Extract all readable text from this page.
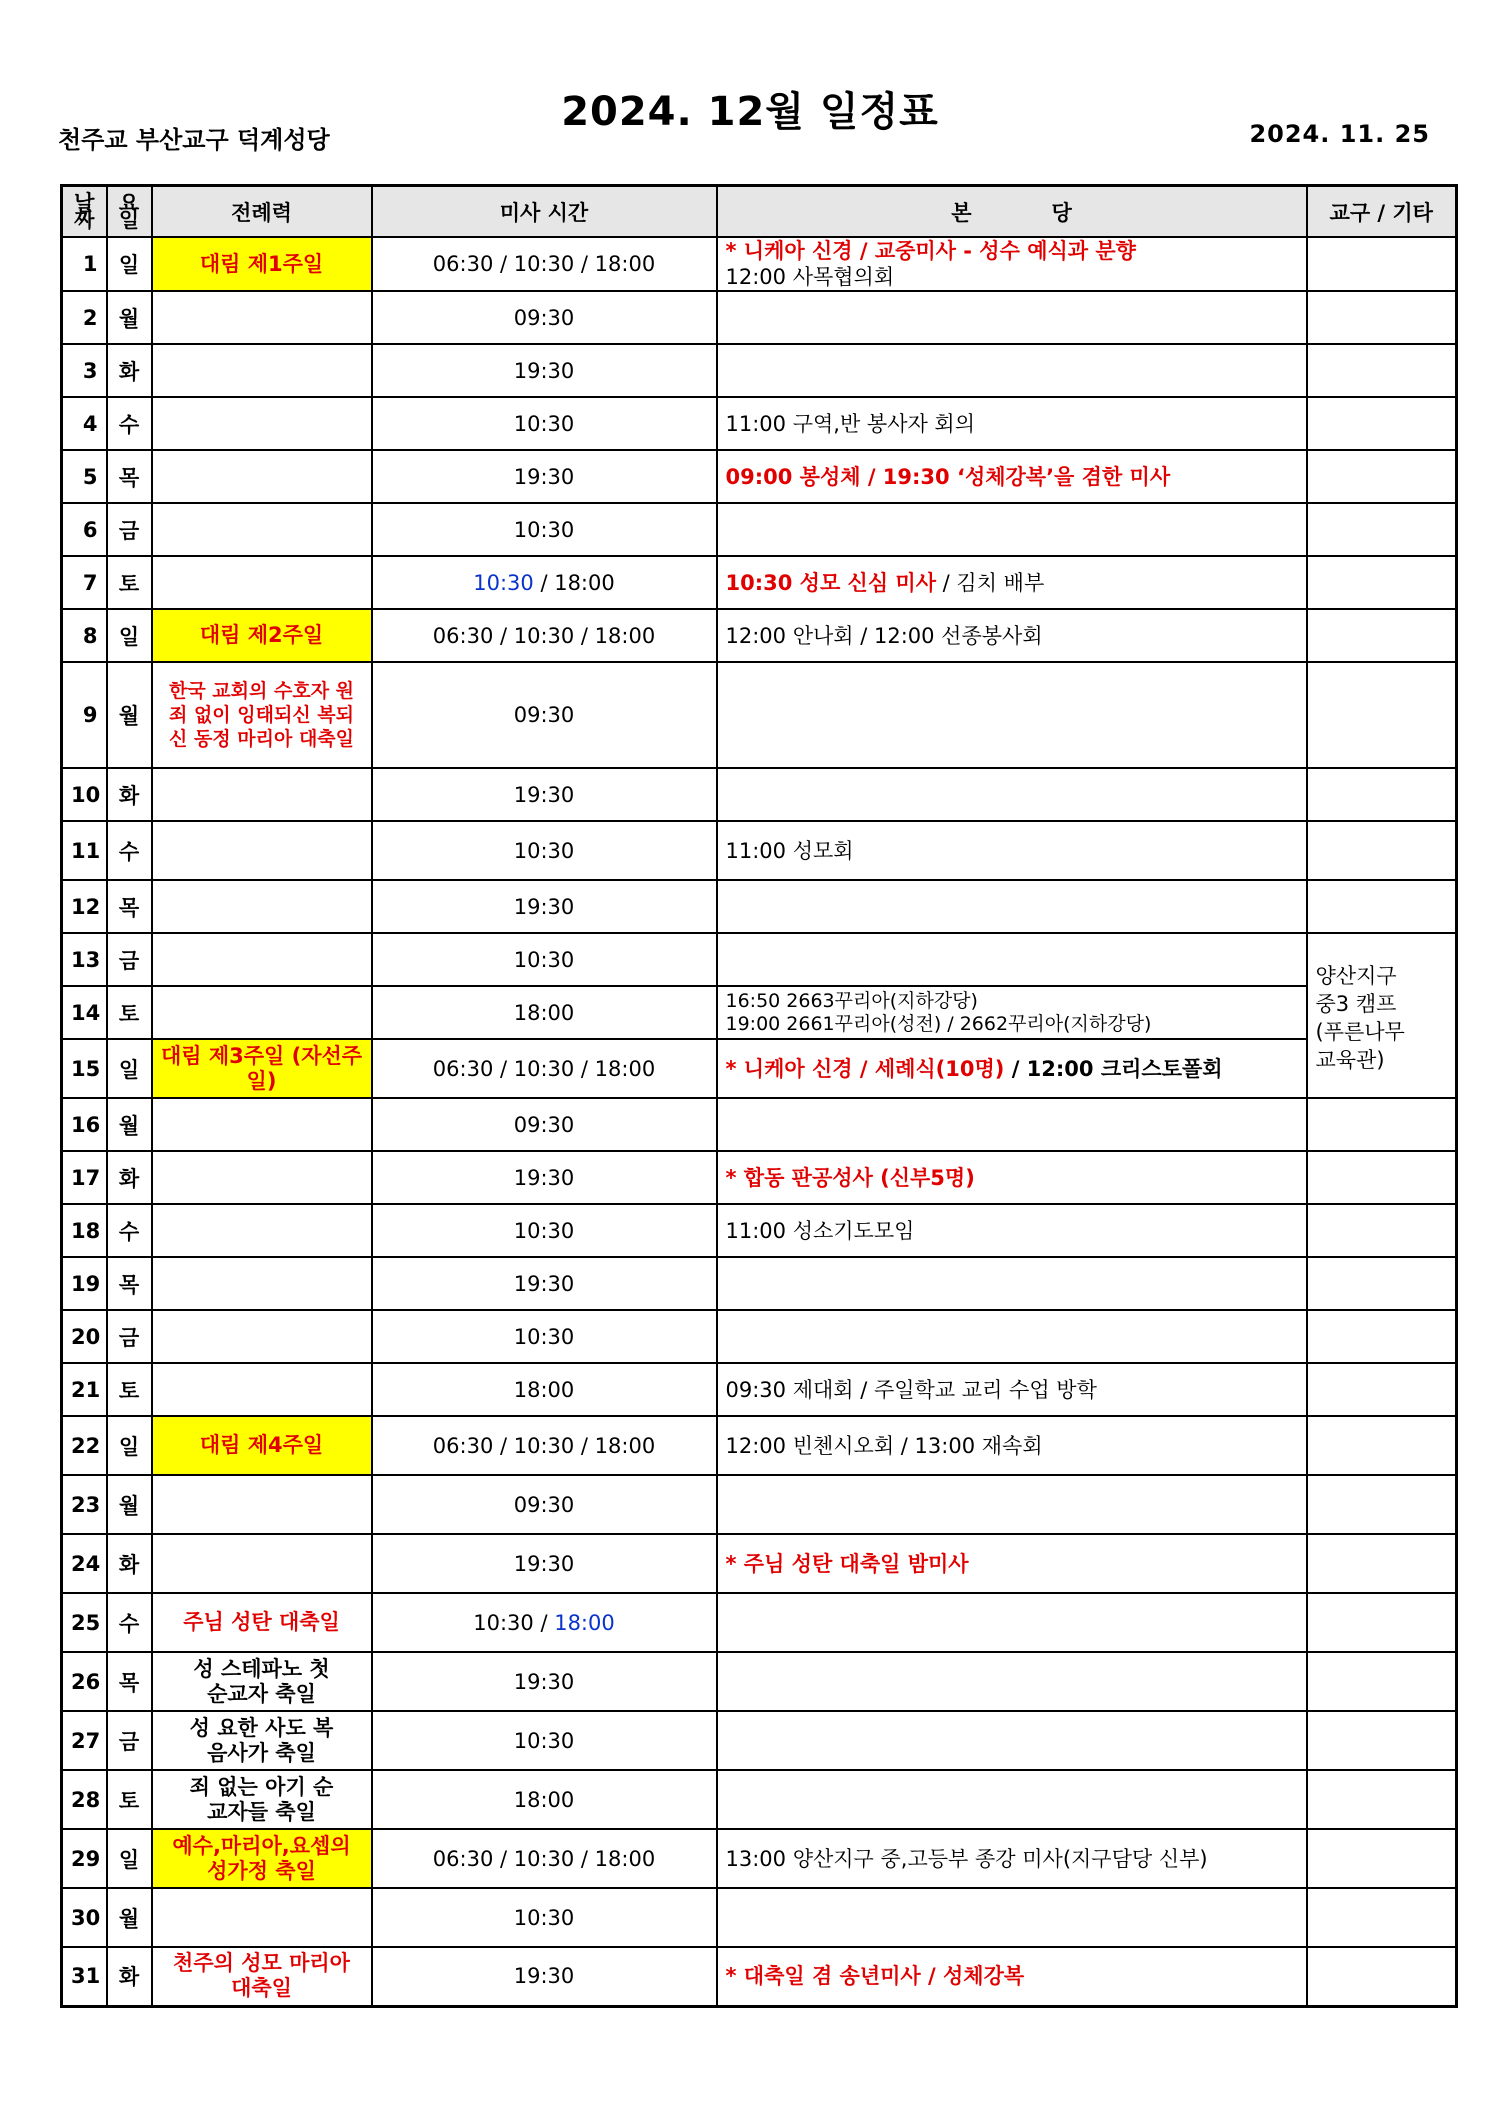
2024. 12월 일정표
천주교 부산교구 덕계성당	2024. 11. 25
날짜	요일	전례력	미사 시간	본 당	교구 / 기타
1	일	대림 제1주일	06:30 / 10:30 / 18:00	* 니케아 신경 / 교중미사 - 성수 예식과 분향
12:00 사목협의회	

2	월		09:30	

3	화		19:30	

4	수		10:30	11:00 구역,반 봉사자 회의	

5	목		19:30	09:00 봉성체 / 19:30 ‘성체강복’을 겸한 미사	

6	금		10:30	

7	토		10:30 / 18:00	10:30 성모 신심 미사 / 김치 배부	
8	일	대림 제2주일	06:30 / 10:30 / 18:00	12:00 안나회 / 12:00 선종봉사회	

9	월	한국 교회의 수호자 원죄 없이 잉태되신 복되신 동정 마리아 대축일	09:30	

10	화		19:30	

11	수		10:30	11:00 성모회	

12	목		19:30	

13	금		10:30		양산지구
중3 캠프
(푸른나무
교육관)

14	토		18:00	16:50 2663꾸리아(지하강당)
19:00 2661꾸리아(성전) / 2662꾸리아(지하강당)	

15	일	대림 제3주일 (자선주일)	06:30 / 10:30 / 18:00	* 니케아 신경 / 세례식(10명) / 12:00 크리스토폴회	
16	월		09:30	

17	화		19:30	* 합동 판공성사 (신부5명)	

18	수		10:30	11:00 성소기도모임	

19	목		19:30	

20	금		10:30	

21	토		18:00	09:30 제대회 / 주일학교 교리 수업 방학	

22	일	대림 제4주일	06:30 / 10:30 / 18:00	12:00 빈첸시오회 / 13:00 재속회	

23	월		09:30	

24	화		19:30	* 주님 성탄 대축일 밤미사	

25	수	주님 성탄 대축일	10:30 / 18:00	

26	목	성 스테파노 첫 순교자 축일	19:30	

27	금	성 요한 사도 복음사가 축일	10:30	

28	토	죄 없는 아기 순교자들 축일	18:00	

29	일	예수,마리아,요셉의 성가정 축일	06:30 / 10:30 / 18:00	13:00 양산지구 중,고등부 종강 미사(지구담당 신부)	

30	월		10:30	

31	화	천주의 성모 마리아 대축일	19:30	* 대축일 겸 송년미사 / 성체강복	
